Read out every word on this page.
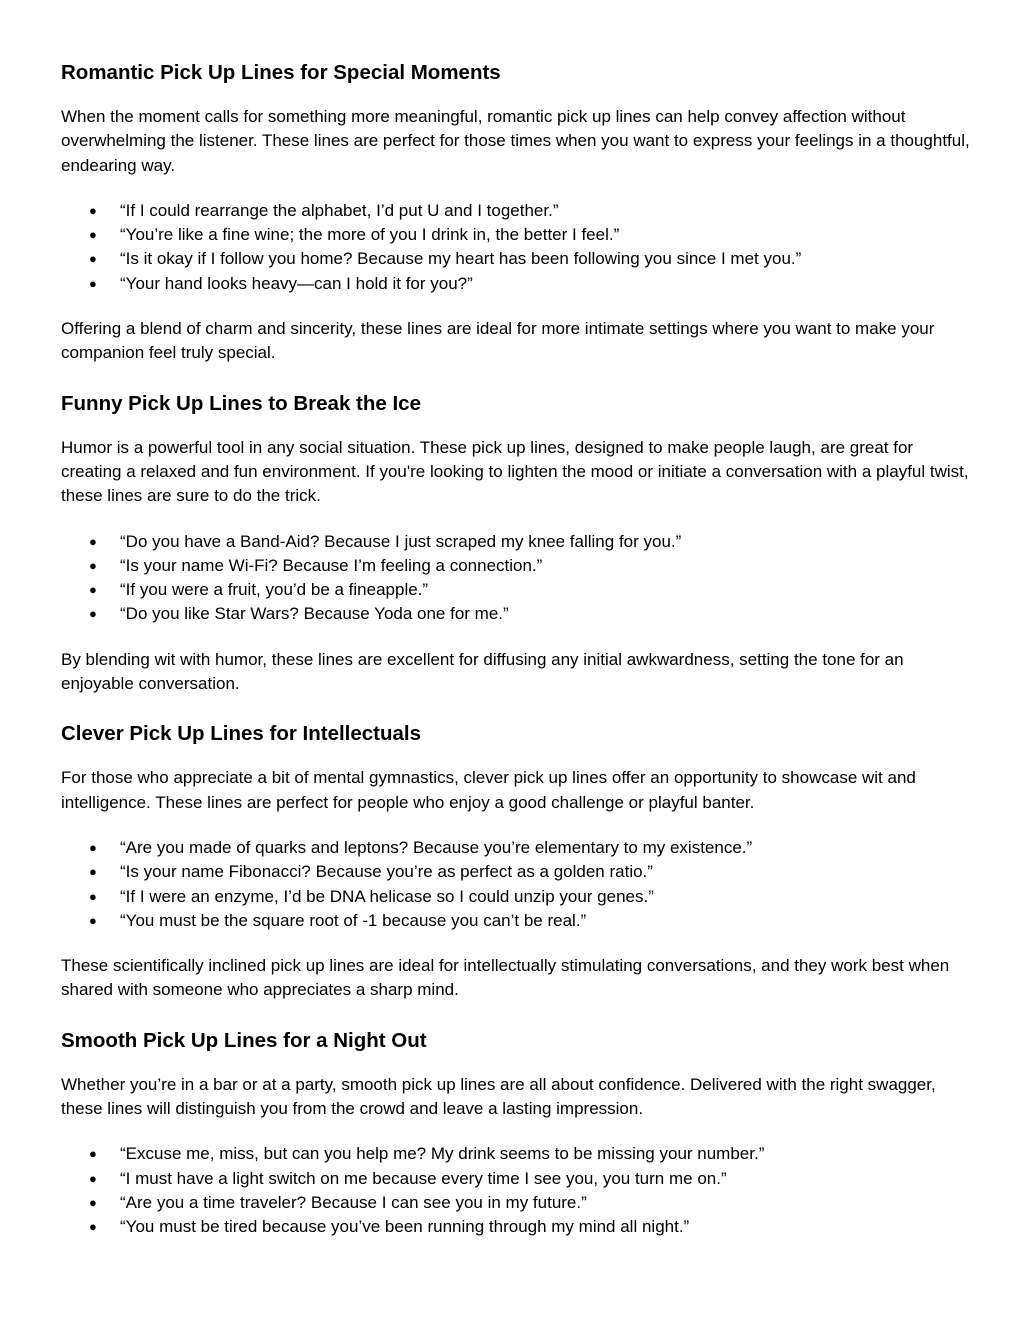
Romantic Pick Up Lines for Special Moments

When the moment calls for something more meaningful, romantic pick up lines can help convey affection without overwhelming the listener. These lines are perfect for those times when you want to express your feelings in a thoughtful, endearing way.

● “If I could rearrange the alphabet, I’d put U and I together.”
● “You’re like a fine wine; the more of you I drink in, the better I feel.”
● “Is it okay if I follow you home? Because my heart has been following you since I met you.”
● “Your hand looks heavy—can I hold it for you?”

Offering a blend of charm and sincerity, these lines are ideal for more intimate settings where you want to make your companion feel truly special.

Funny Pick Up Lines to Break the Ice

Humor is a powerful tool in any social situation. These pick up lines, designed to make people laugh, are great for creating a relaxed and fun environment. If you're looking to lighten the mood or initiate a conversation with a playful twist, these lines are sure to do the trick.

● “Do you have a Band-Aid? Because I just scraped my knee falling for you.”
● “Is your name Wi-Fi? Because I’m feeling a connection.”
● “If you were a fruit, you’d be a fineapple.”
● “Do you like Star Wars? Because Yoda one for me.”

By blending wit with humor, these lines are excellent for diffusing any initial awkwardness, setting the tone for an enjoyable conversation.

Clever Pick Up Lines for Intellectuals

For those who appreciate a bit of mental gymnastics, clever pick up lines offer an opportunity to showcase wit and intelligence. These lines are perfect for people who enjoy a good challenge or playful banter.

● “Are you made of quarks and leptons? Because you’re elementary to my existence.”
● “Is your name Fibonacci? Because you’re as perfect as a golden ratio.”
● “If I were an enzyme, I’d be DNA helicase so I could unzip your genes.”
● “You must be the square root of -1 because you can’t be real.”

These scientifically inclined pick up lines are ideal for intellectually stimulating conversations, and they work best when shared with someone who appreciates a sharp mind.

Smooth Pick Up Lines for a Night Out

Whether you’re in a bar or at a party, smooth pick up lines are all about confidence. Delivered with the right swagger, these lines will distinguish you from the crowd and leave a lasting impression.

● “Excuse me, miss, but can you help me? My drink seems to be missing your number.”
● “I must have a light switch on me because every time I see you, you turn me on.”
● “Are you a time traveler? Because I can see you in my future.”
● “You must be tired because you’ve been running through my mind all night.”
